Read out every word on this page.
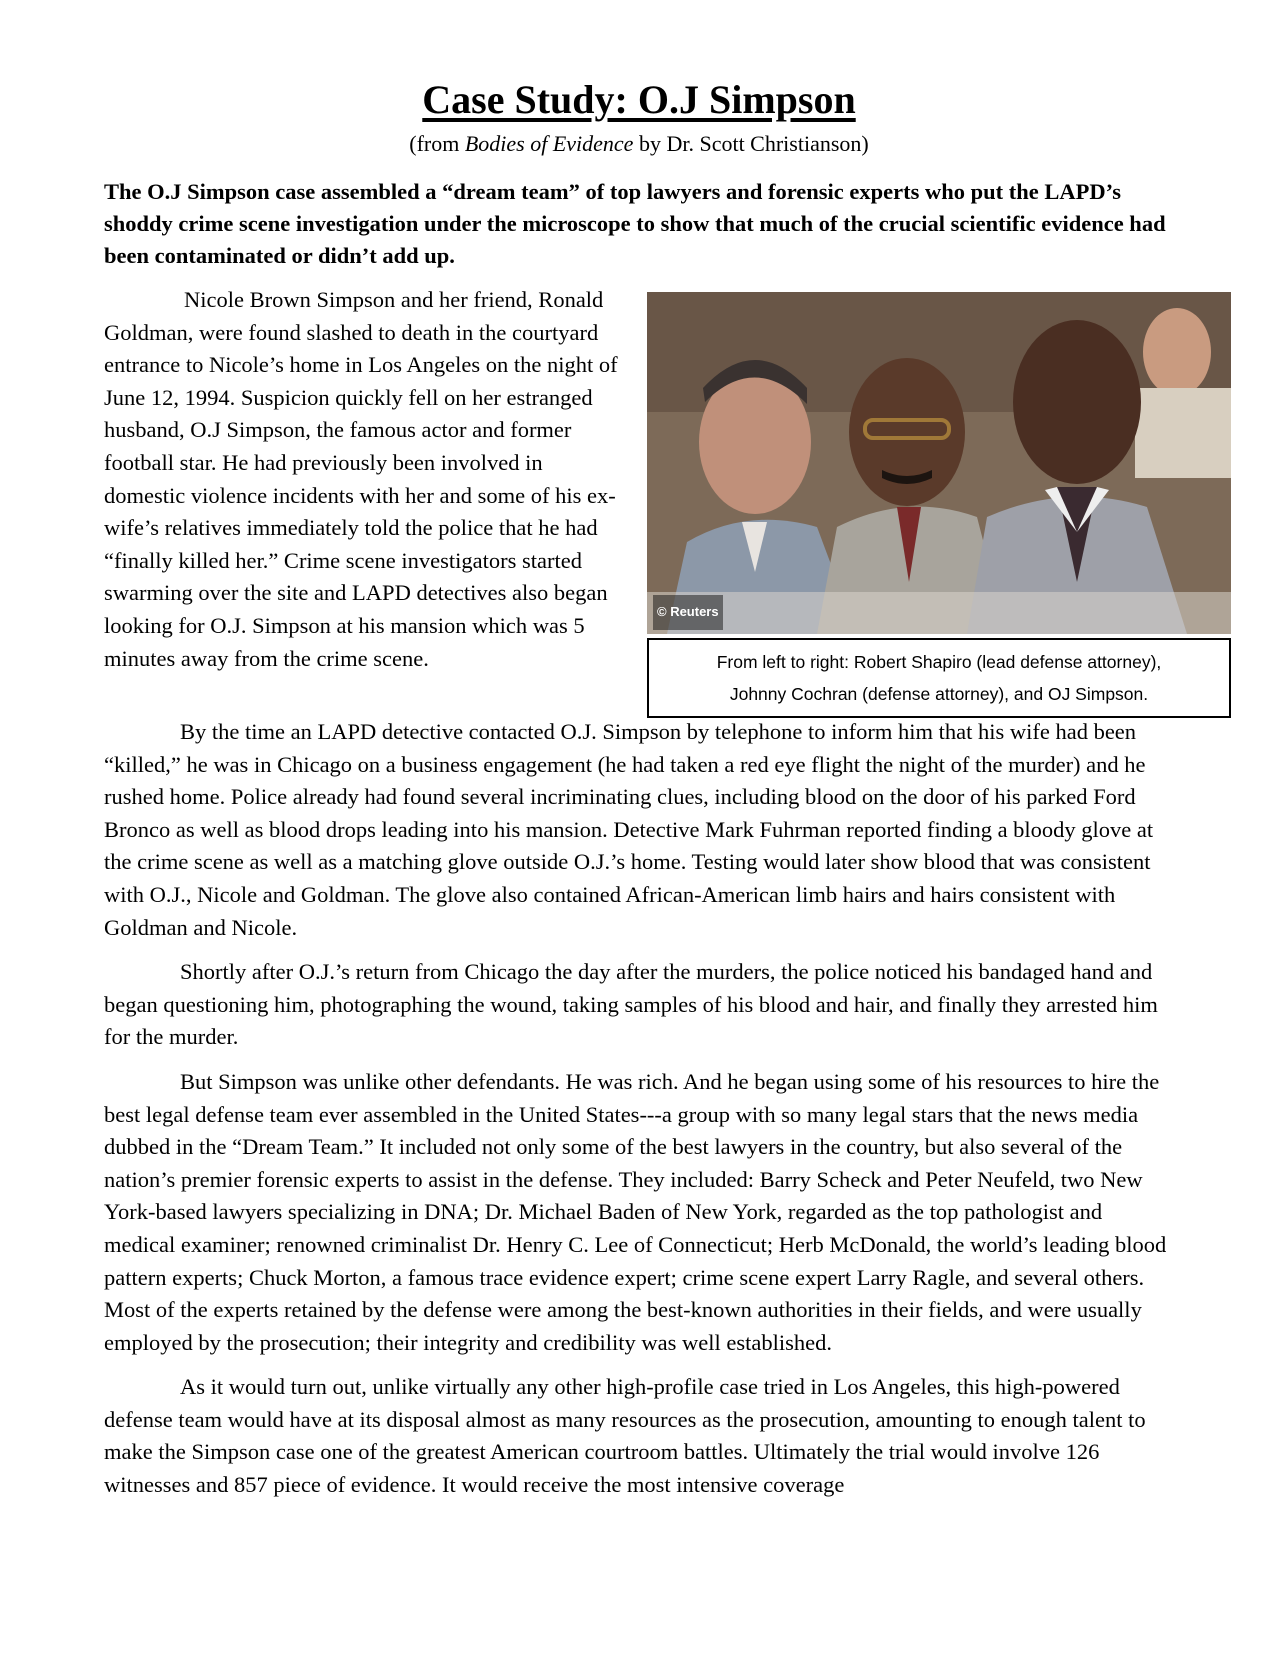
Case Study: O.J Simpson

(from Bodies of Evidence by Dr. Scott Christianson)

The O.J Simpson case assembled a “dream team” of top lawyers and forensic experts who put the LAPD’s shoddy crime scene investigation under the microscope to show that much of the crucial scientific evidence had been contaminated or didn’t add up.

Nicole Brown Simpson and her friend, Ronald Goldman, were found slashed to death in the courtyard entrance to Nicole’s home in Los Angeles on the night of June 12, 1994. Suspicion quickly fell on her estranged husband, O.J Simpson, the famous actor and former football star. He had previously been involved in domestic violence incidents with her and some of his ex-wife’s relatives immediately told the police that he had “finally killed her.” Crime scene investigators started swarming over the site and LAPD detectives also began looking for O.J. Simpson at his mansion which was 5 minutes away from the crime scene.

© Reuters
From left to right: Robert Shapiro (lead defense attorney),
Johnny Cochran (defense attorney), and OJ Simpson.

By the time an LAPD detective contacted O.J. Simpson by telephone to inform him that his wife had been “killed,” he was in Chicago on a business engagement (he had taken a red eye flight the night of the murder) and he rushed home. Police already had found several incriminating clues, including blood on the door of his parked Ford Bronco as well as blood drops leading into his mansion. Detective Mark Fuhrman reported finding a bloody glove at the crime scene as well as a matching glove outside O.J.’s home. Testing would later show blood that was consistent with O.J., Nicole and Goldman. The glove also contained African-American limb hairs and hairs consistent with Goldman and Nicole.

Shortly after O.J.’s return from Chicago the day after the murders, the police noticed his bandaged hand and began questioning him, photographing the wound, taking samples of his blood and hair, and finally they arrested him for the murder.

But Simpson was unlike other defendants. He was rich. And he began using some of his resources to hire the best legal defense team ever assembled in the United States---a group with so many legal stars that the news media dubbed in the “Dream Team.” It included not only some of the best lawyers in the country, but also several of the nation’s premier forensic experts to assist in the defense. They included: Barry Scheck and Peter Neufeld, two New York-based lawyers specializing in DNA; Dr. Michael Baden of New York, regarded as the top pathologist and medical examiner; renowned criminalist Dr. Henry C. Lee of Connecticut; Herb McDonald, the world’s leading blood pattern experts; Chuck Morton, a famous trace evidence expert; crime scene expert Larry Ragle, and several others. Most of the experts retained by the defense were among the best-known authorities in their fields, and were usually employed by the prosecution; their integrity and credibility was well established.

As it would turn out, unlike virtually any other high-profile case tried in Los Angeles, this high-powered defense team would have at its disposal almost as many resources as the prosecution, amounting to enough talent to make the Simpson case one of the greatest American courtroom battles. Ultimately the trial would involve 126 witnesses and 857 piece of evidence. It would receive the most intensive coverage
